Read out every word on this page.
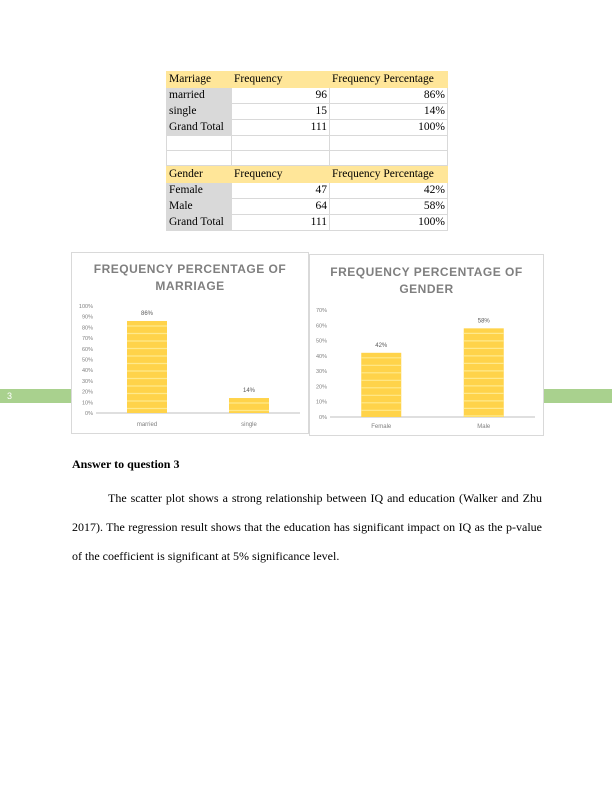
3
Marriage	Frequency	Frequency Percentage
married	96	86%
single	15	14%
Grand Total	111	100%

Gender	Frequency	Frequency Percentage
Female	47	42%
Male	64	58%
Grand Total	111	100%
FREQUENCY PERCENTAGE OF
MARRIAGE
0%
10%
20%
30%
40%
50%
60%
70%
80%
90%
100%
86%
married
14%
single
FREQUENCY PERCENTAGE OF
GENDER
0%
10%
20%
30%
40%
50%
60%
70%
42%
Female
58%
Male
Answer to question 3

The scatter plot shows a strong relationship between IQ and education (Walker and Zhu 2017). The regression result shows that the education has significant impact on IQ as the p-value of the coefficient is significant at 5% significance level.
